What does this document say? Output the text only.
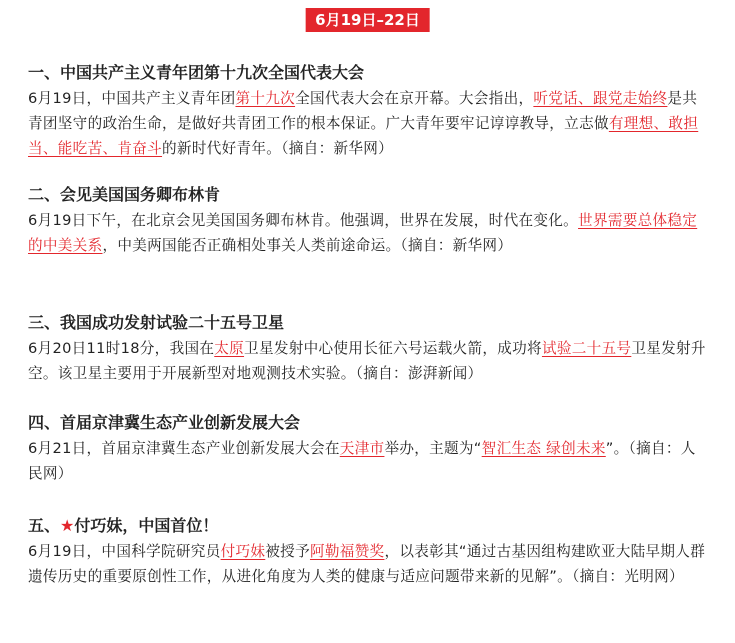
6月19日–22日
一、中国共产主义青年团第十九次全国代表大会

6月19日，中国共产主义青年团第十九次全国代表大会在京开幕。大会指出，听党话、跟党走始终是共青团坚守的政治生命，是做好共青团工作的根本保证。广大青年要牢记谆谆教导，立志做有理想、敢担当、能吃苦、肯奋斗的新时代好青年。（摘自：新华网）

二、会见美国国务卿布林肯

6月19日下午，在北京会见美国国务卿布林肯。他强调，世界在发展，时代在变化。世界需要总体稳定的中美关系，中美两国能否正确相处事关人类前途命运。（摘自：新华网）

三、我国成功发射试验二十五号卫星

6月20日11时18分，我国在太原卫星发射中心使用长征六号运载火箭，成功将试验二十五号卫星发射升空。该卫星主要用于开展新型对地观测技术实验。（摘自：澎湃新闻）

四、首届京津冀生态产业创新发展大会

6月21日，首届京津冀生态产业创新发展大会在天津市举办，主题为“智汇生态 绿创未来”。（摘自：人民网）

五、★付巧妹，中国首位！

6月19日，中国科学院研究员付巧妹被授予阿勒福赞奖，以表彰其“通过古基因组构建欧亚大陆早期人群遗传历史的重要原创性工作，从进化角度为人类的健康与适应问题带来新的见解”。（摘自：光明网）
